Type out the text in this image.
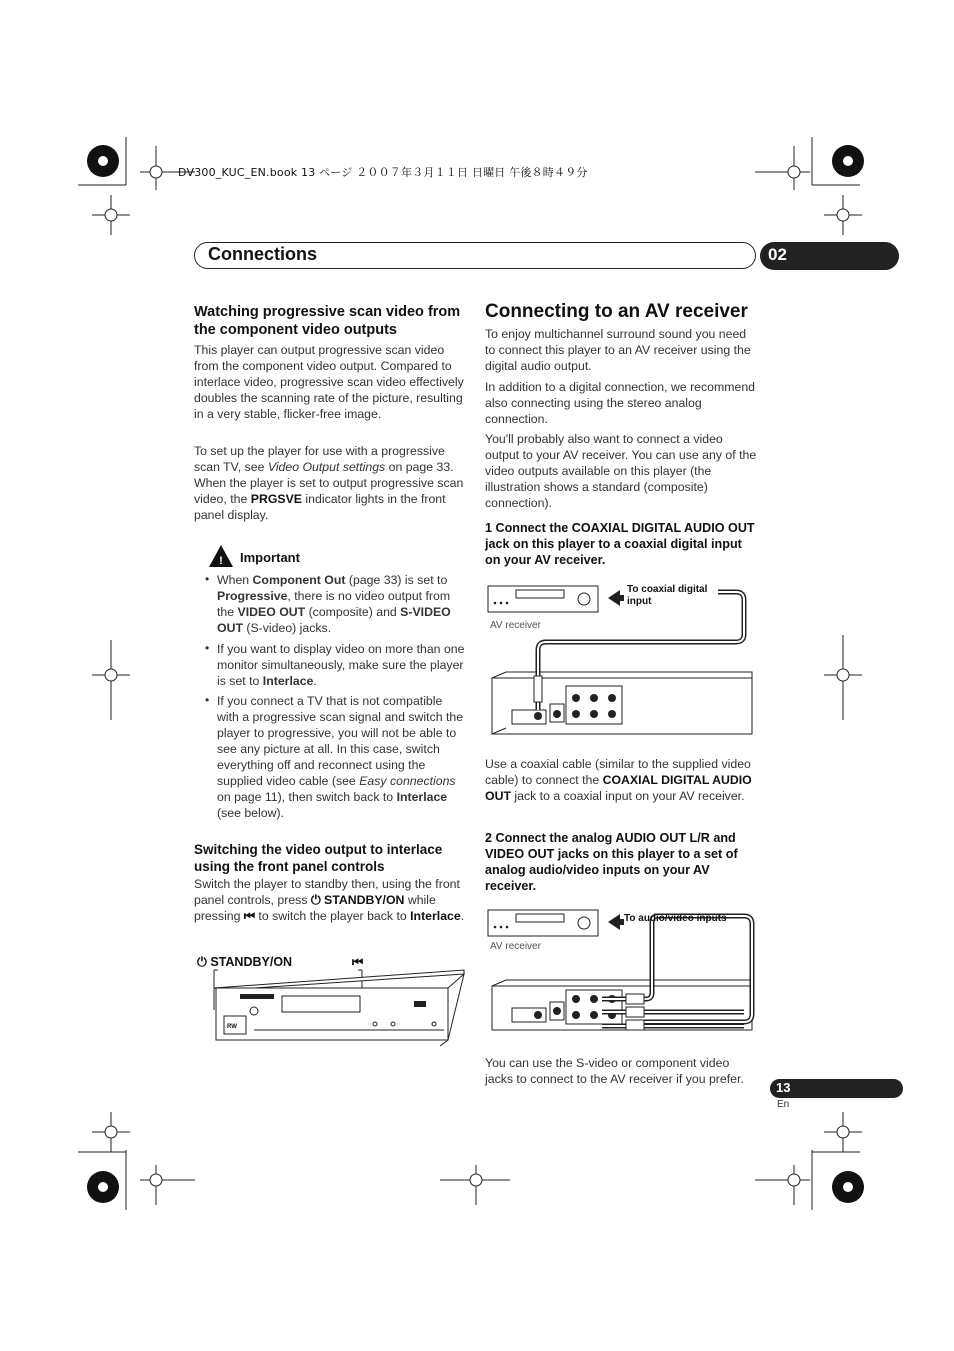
DV300_KUC_EN.book 13 ページ ２００７年３月１１日 日曜日 午後８時４９分
Connections	02
Watching progressive scan video from the component video outputs
This player can output progressive scan video from the component video output. Compared to interlace video, progressive scan video effectively doubles the scanning rate of the picture, resulting in a very stable, flicker-free image.
To set up the player for use with a progressive scan TV, see Video Output settings on page 33. When the player is set to output progressive scan video, the PRGSVE indicator lights in the front panel display.
! Important
• When Component Out (page 33) is set to Progressive, there is no video output from the VIDEO OUT (composite) and S-VIDEO OUT (S-video) jacks.
• If you want to display video on more than one monitor simultaneously, make sure the player is set to Interlace.
• If you connect a TV that is not compatible with a progressive scan signal and switch the player to progressive, you will not be able to see any picture at all. In this case, switch everything off and reconnect using the supplied video cable (see Easy connections on page 11), then switch back to Interlace (see below).
Switching the video output to interlace using the front panel controls
Switch the player to standby then, using the front panel controls, press ⏻ STANDBY/ON while pressing ⏮ to switch the player back to Interlace.
⏻ STANDBY/ON	⏮
RW
Connecting to an AV receiver
To enjoy multichannel surround sound you need to connect this player to an AV receiver using the digital audio output.
In addition to a digital connection, we recommend also connecting using the stereo analog connection.
You'll probably also want to connect a video output to your AV receiver. You can use any of the video outputs available on this player (the illustration shows a standard (composite) connection).
1 Connect the COAXIAL DIGITAL AUDIO OUT jack on this player to a coaxial digital input on your AV receiver.
To coaxial digital input
AV receiver
Use a coaxial cable (similar to the supplied video cable) to connect the COAXIAL DIGITAL AUDIO OUT jack to a coaxial input on your AV receiver.
2 Connect the analog AUDIO OUT L/R and VIDEO OUT jacks on this player to a set of analog audio/video inputs on your AV receiver.
To audio/video inputs
AV receiver
You can use the S-video or component video jacks to connect to the AV receiver if you prefer.
13
En
